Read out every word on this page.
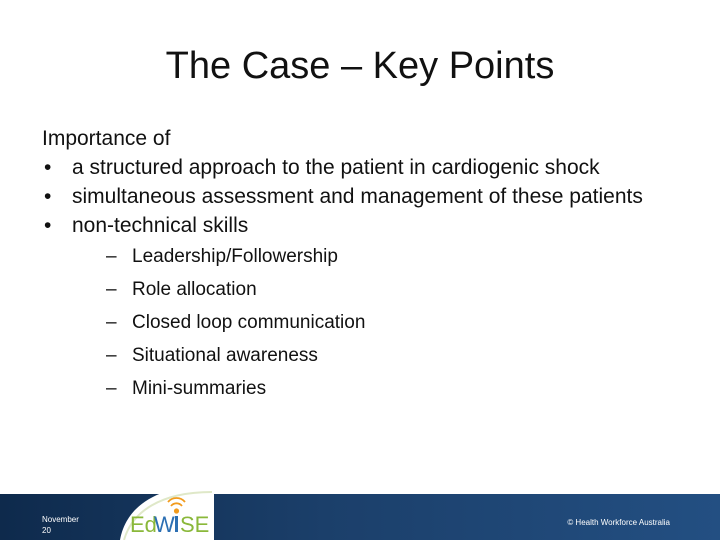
The Case – Key Points
Importance of
• a structured approach to the patient in cardiogenic shock
• simultaneous assessment and management of these patients
• non-technical skills
– Leadership/Followership
– Role allocation
– Closed loop communication
– Situational awareness
– Mini-summaries
November
20
© Health Workforce Australia
Ed
W SE
